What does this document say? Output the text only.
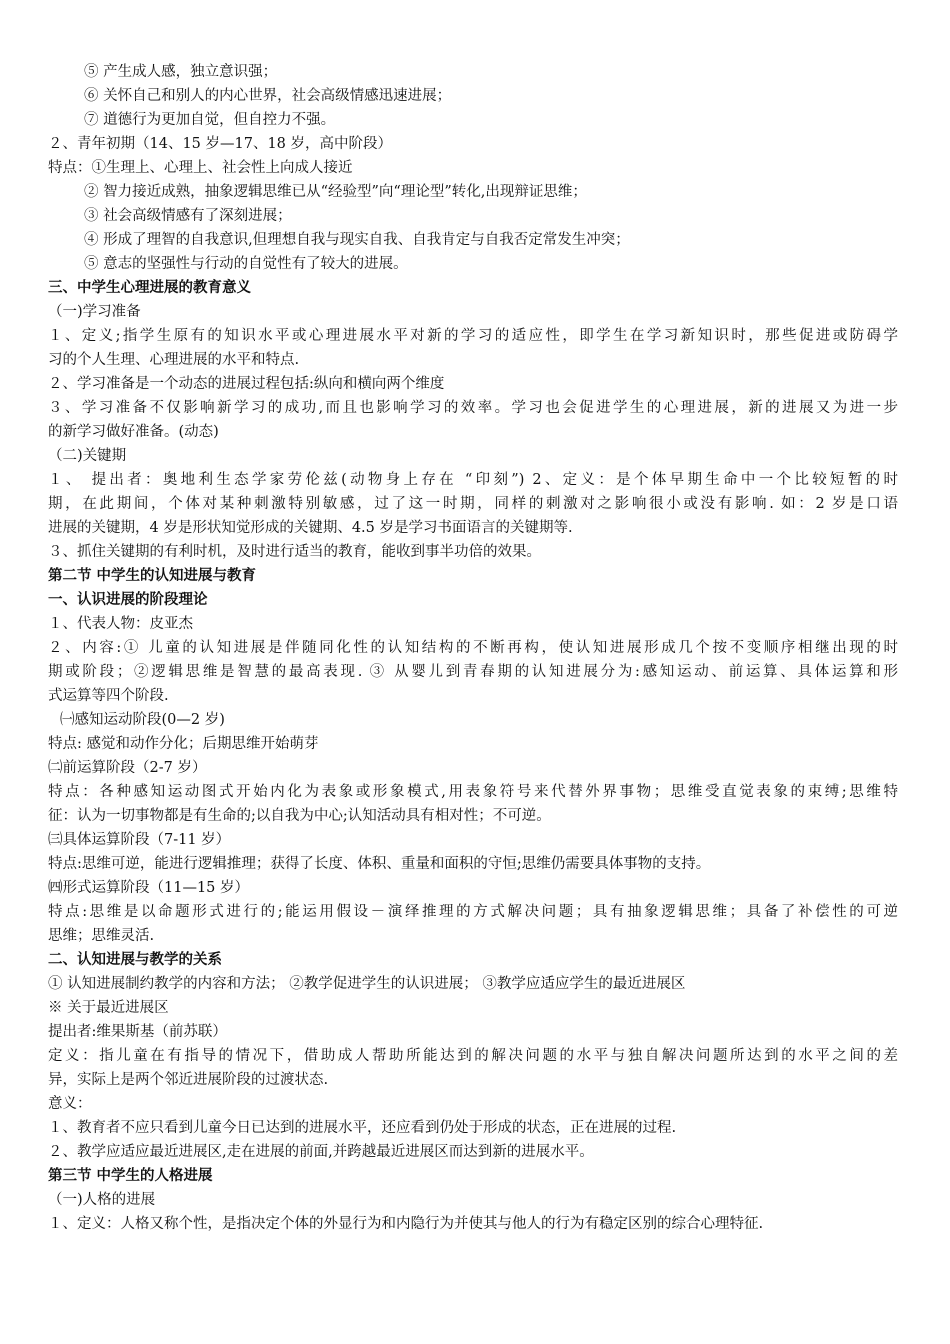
⑤ 产生成人感，独立意识强；
⑥ 关怀自己和别人的内心世界，社会高级情感迅速进展；
⑦ 道德行为更加自觉，但自控力不强。
２、青年初期（14、15 岁—17、18 岁，高中阶段）
特点：①生理上、心理上、社会性上向成人接近
② 智力接近成熟，抽象逻辑思维已从“经验型”向“理论型”转化,出现辩证思维；
③ 社会高级情感有了深刻进展；
④ 形成了理智的自我意识,但理想自我与现实自我、自我肯定与自我否定常发生冲突；
⑤ 意志的坚强性与行动的自觉性有了较大的进展。
三、中学生心理进展的教育意义
（一)学习准备
１、定义;指学生原有的知识水平或心理进展水平对新的学习的适应性，即学生在学习新知识时，那些促进或防碍学
习的个人生理、心理进展的水平和特点.
２、学习准备是一个动态的进展过程包括:纵向和横向两个维度
３、学习准备不仅影响新学习的成功,而且也影响学习的效率。学习也会促进学生的心理进展，新的进展又为进一步
的新学习做好准备。(动态)
（二)关键期
１、 提出者：奥地利生态学家劳伦兹(动物身上存在 “印刻”) 2、定义：是个体早期生命中一个比较短暂的时
期，在此期间，个体对某种刺激特别敏感，过了这一时期，同样的刺激对之影响很小或没有影响. 如：2 岁是口语
进展的关键期，4 岁是形状知觉形成的关键期、4.5 岁是学习书面语言的关键期等.
３、抓住关键期的有利时机，及时进行适当的教育，能收到事半功倍的效果。
第二节 中学生的认知进展与教育
一、认识进展的阶段理论
１、代表人物：皮亚杰
２、内容:① 儿童的认知进展是伴随同化性的认知结构的不断再构，使认知进展形成几个按不变顺序相继出现的时
期或阶段；②逻辑思维是智慧的最高表现. ③ 从婴儿到青春期的认知进展分为:感知运动、前运算、具体运算和形
式运算等四个阶段.
㈠感知运动阶段(0—2 岁)
特点: 感觉和动作分化；后期思维开始萌芽
㈡前运算阶段（2-7 岁）
特点：各种感知运动图式开始内化为表象或形象模式,用表象符号来代替外界事物；思维受直觉表象的束缚;思维特
征：认为一切事物都是有生命的;以自我为中心;认知活动具有相对性；不可逆。
㈢具体运算阶段（7-11 岁）
特点:思维可逆，能进行逻辑推理；获得了长度、体积、重量和面积的守恒;思维仍需要具体事物的支持。
㈣形式运算阶段（11—15 岁）
特点:思维是以命题形式进行的;能运用假设－演绎推理的方式解决问题；具有抽象逻辑思维；具备了补偿性的可逆
思维；思维灵活.
二、认知进展与教学的关系
① 认知进展制约教学的内容和方法； ②教学促进学生的认识进展； ③教学应适应学生的最近进展区
※ 关于最近进展区
提出者:维果斯基（前苏联）
定义：指儿童在有指导的情况下，借助成人帮助所能达到的解决问题的水平与独自解决问题所达到的水平之间的差
异，实际上是两个邻近进展阶段的过渡状态.
意义：
１、教育者不应只看到儿童今日已达到的进展水平，还应看到仍处于形成的状态，正在进展的过程.
２、教学应适应最近进展区,走在进展的前面,并跨越最近进展区而达到新的进展水平。
第三节 中学生的人格进展
（一)人格的进展
１、定义：人格又称个性，是指决定个体的外显行为和内隐行为并使其与他人的行为有稳定区别的综合心理特征.
